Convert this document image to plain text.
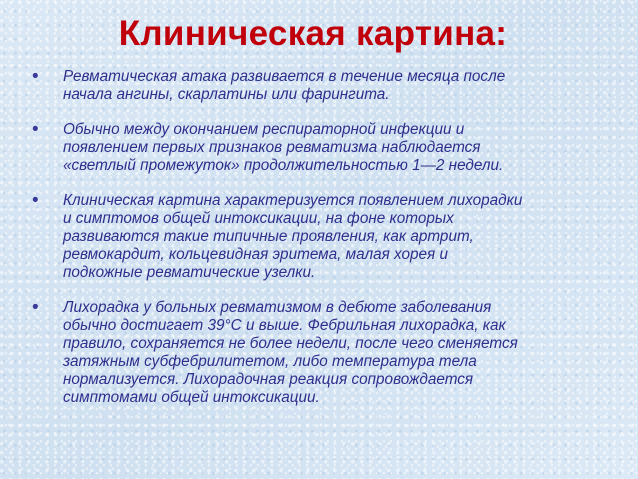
Клиническая картина:
• Ревматическая атака развивается в течение месяца после
начала ангины, скарлатины или фарингита.
• Обычно между окончанием респираторной инфекции и
появлением первых признаков ревматизма наблюдается
«светлый промежуток» продолжительностью 1—2 недели.
• Клиническая картина характеризуется появлением лихорадки
и симптомов общей интоксикации, на фоне которых
развиваются такие типичные проявления, как артрит,
ревмокардит, кольцевидная эритема, малая хорея и
подкожные ревматические узелки.
• Лихорадка у больных ревматизмом в дебюте заболевания
обычно достигает 39°С и выше. Фебрильная лихорадка, как
правило, сохраняется не более недели, после чего сменяется
затяжным субфебрилитетом, либо температура тела
нормализуется. Лихорадочная реакция сопровождается
симптомами общей интоксикации.
